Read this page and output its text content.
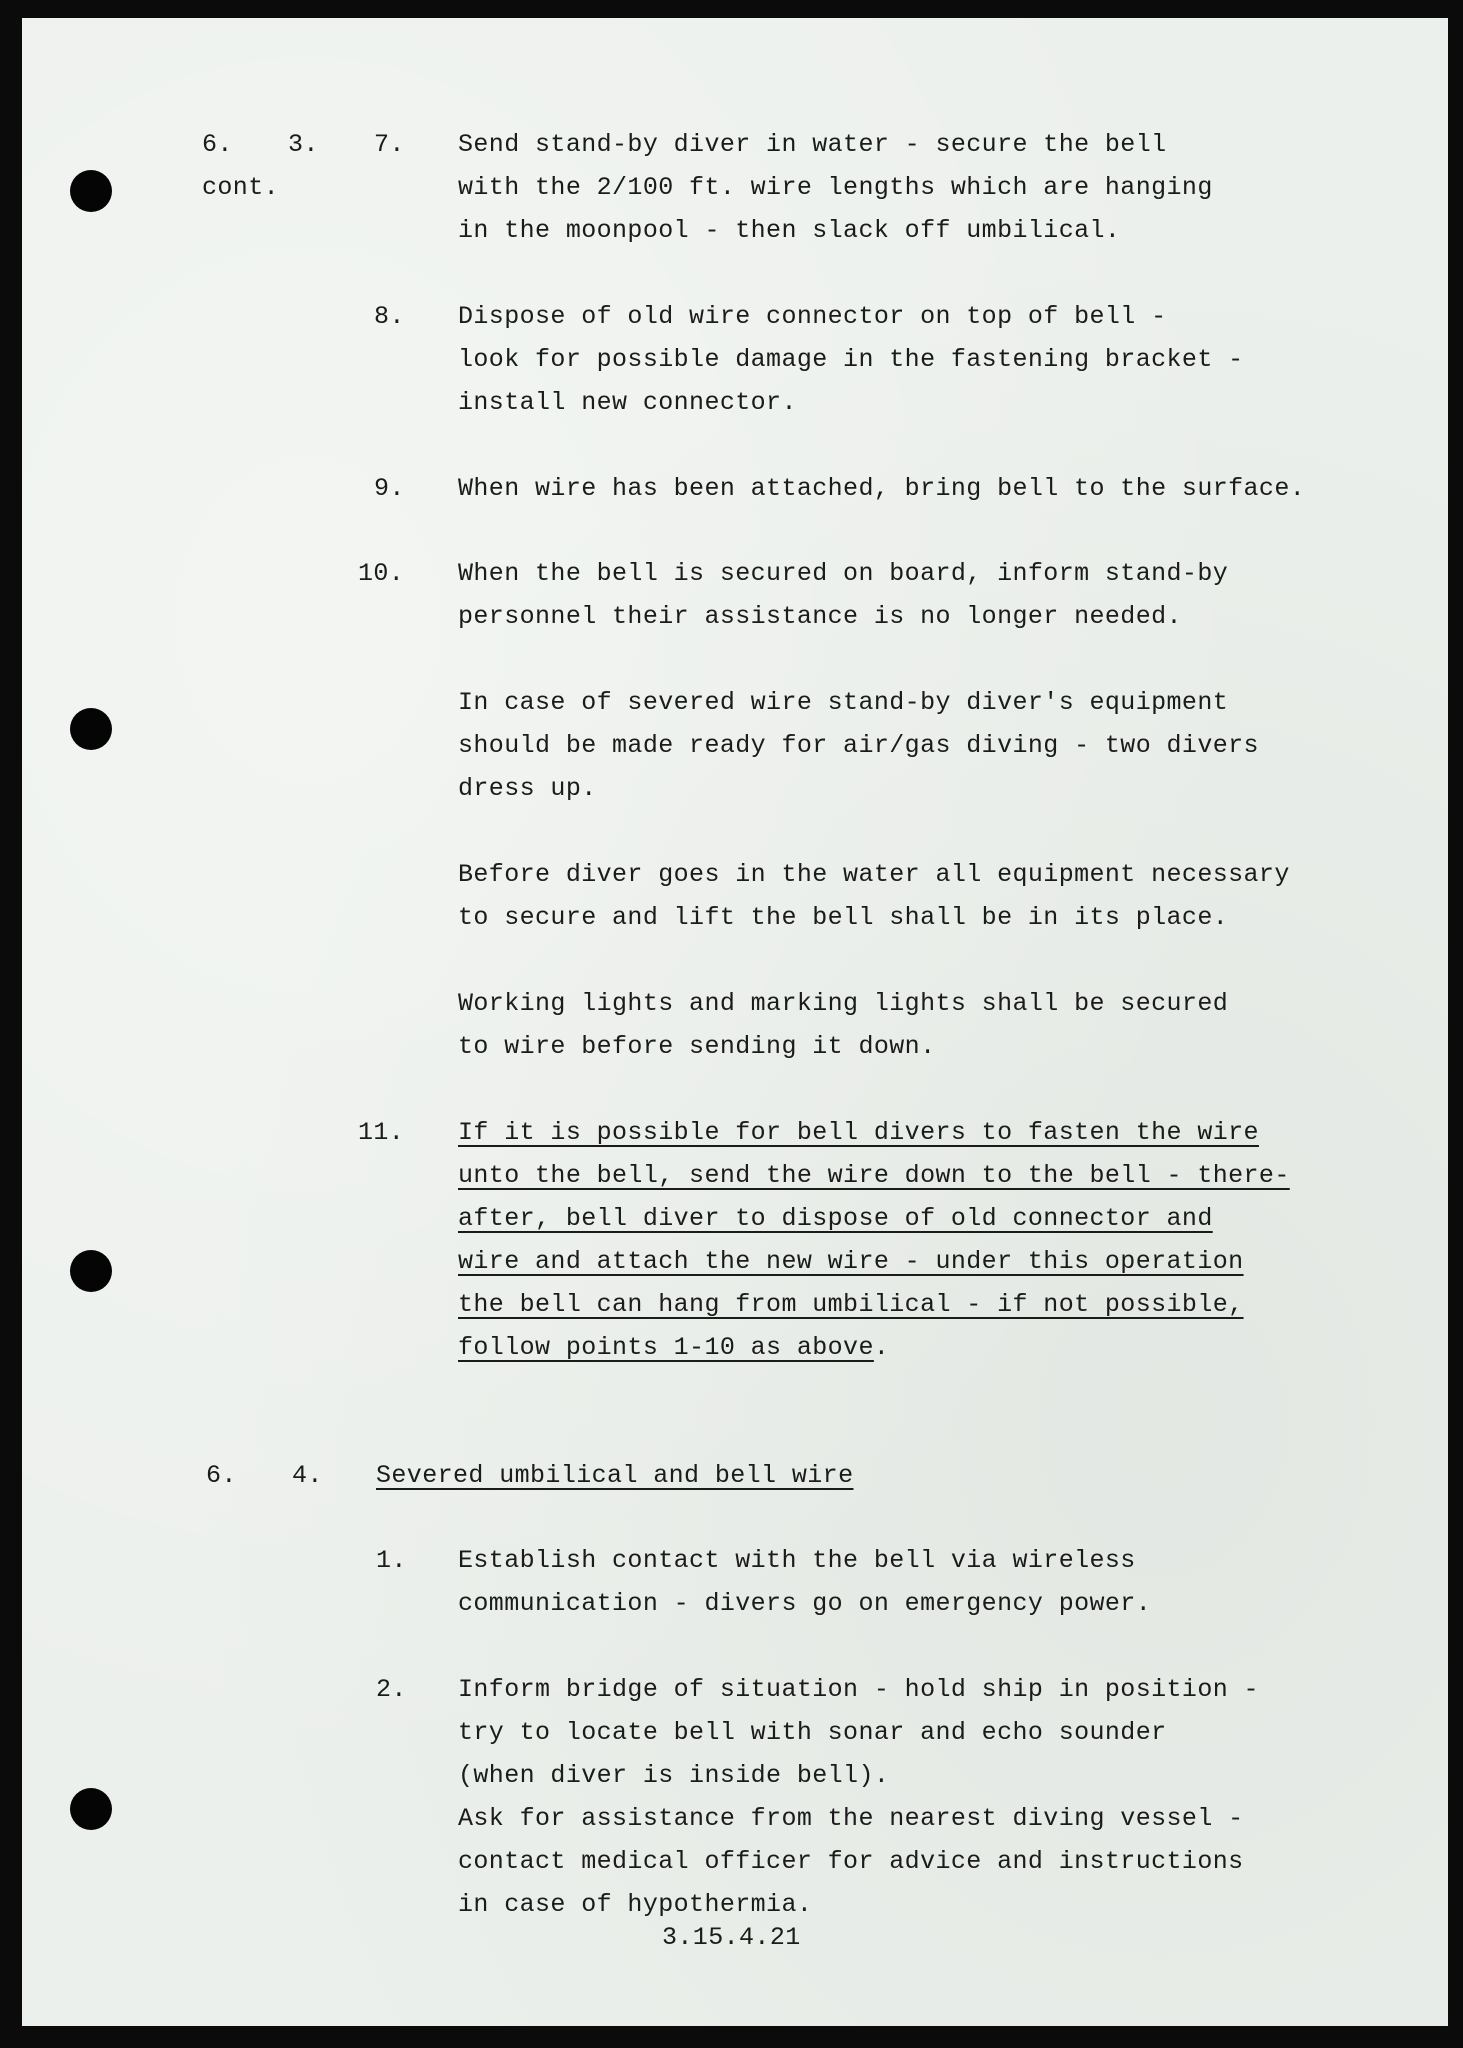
6. 3.
cont.
7. Send stand-by diver in water - secure the bell
with the 2/100 ft. wire lengths which are hanging
in the moonpool - then slack off umbilical.
8. Dispose of old wire connector on top of bell -
look for possible damage in the fastening bracket -
install new connector.
9. When wire has been attached, bring bell to the surface.
10. When the bell is secured on board, inform stand-by
personnel their assistance is no longer needed.
In case of severed wire stand-by diver's equipment
should be made ready for air/gas diving - two divers
dress up.
Before diver goes in the water all equipment necessary
to secure and lift the bell shall be in its place.
Working lights and marking lights shall be secured
to wire before sending it down.
11. If it is possible for bell divers to fasten the wire
unto the bell, send the wire down to the bell - there-
after, bell diver to dispose of old connector and
wire and attach the new wire - under this operation
the bell can hang from umbilical - if not possible,
follow points 1-10 as above.
6. 4. Severed umbilical and bell wire
1. Establish contact with the bell via wireless
communication - divers go on emergency power.
2. Inform bridge of situation - hold ship in position -
try to locate bell with sonar and echo sounder
(when diver is inside bell).
Ask for assistance from the nearest diving vessel -
contact medical officer for advice and instructions
in case of hypothermia.
3.15.4.21
